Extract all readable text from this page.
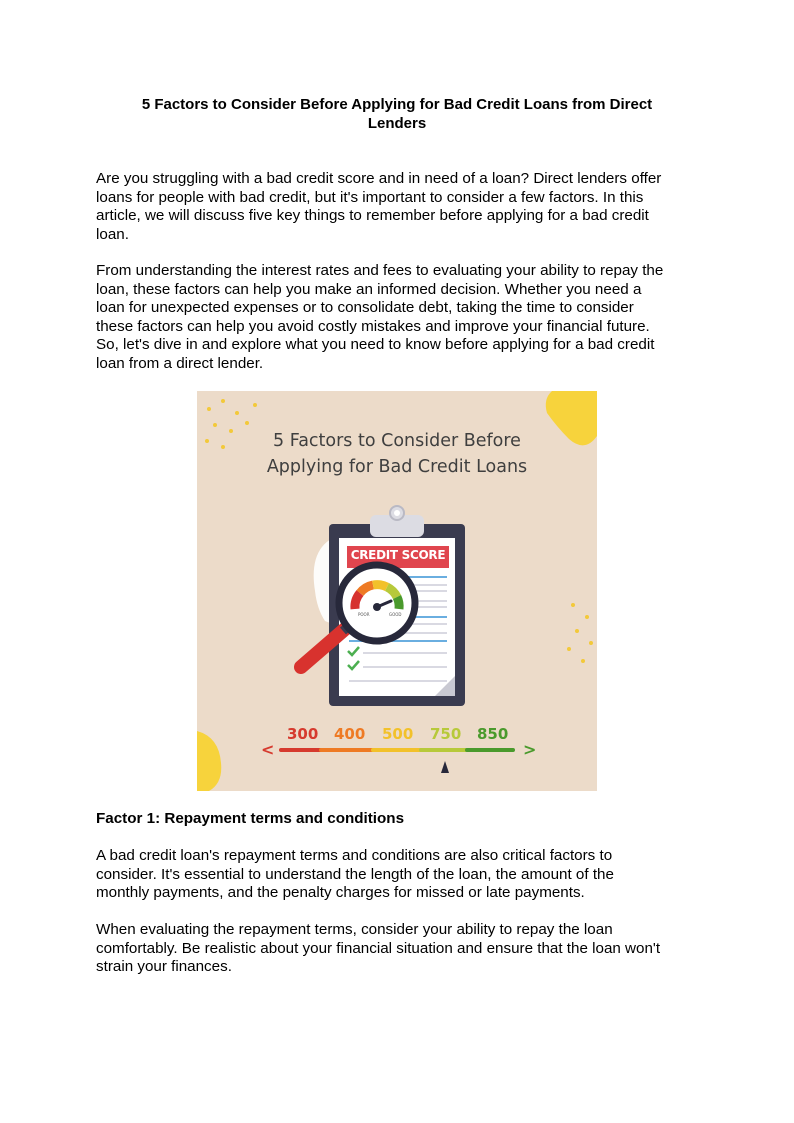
5 Factors to Consider Before Applying for Bad Credit Loans from Direct
Lenders
Are you struggling with a bad credit score and in need of a loan? Direct lenders offer
loans for people with bad credit, but it's important to consider a few factors. In this
article, we will discuss five key things to remember before applying for a bad credit
loan.
From understanding the interest rates and fees to evaluating your ability to repay the
loan, these factors can help you make an informed decision. Whether you need a
loan for unexpected expenses or to consolidate debt, taking the time to consider
these factors can help you avoid costly mistakes and improve your financial future.
So, let's dive in and explore what you need to know before applying for a bad credit
loan from a direct lender.
POOR	GOOD
5 Factors to Consider Before
Applying for Bad Credit Loans
CREDIT SCORE
<	>
300 400 500 750 850
Factor 1: Repayment terms and conditions
A bad credit loan's repayment terms and conditions are also critical factors to
consider. It's essential to understand the length of the loan, the amount of the
monthly payments, and the penalty charges for missed or late payments.
When evaluating the repayment terms, consider your ability to repay the loan
comfortably. Be realistic about your financial situation and ensure that the loan won't
strain your finances.
